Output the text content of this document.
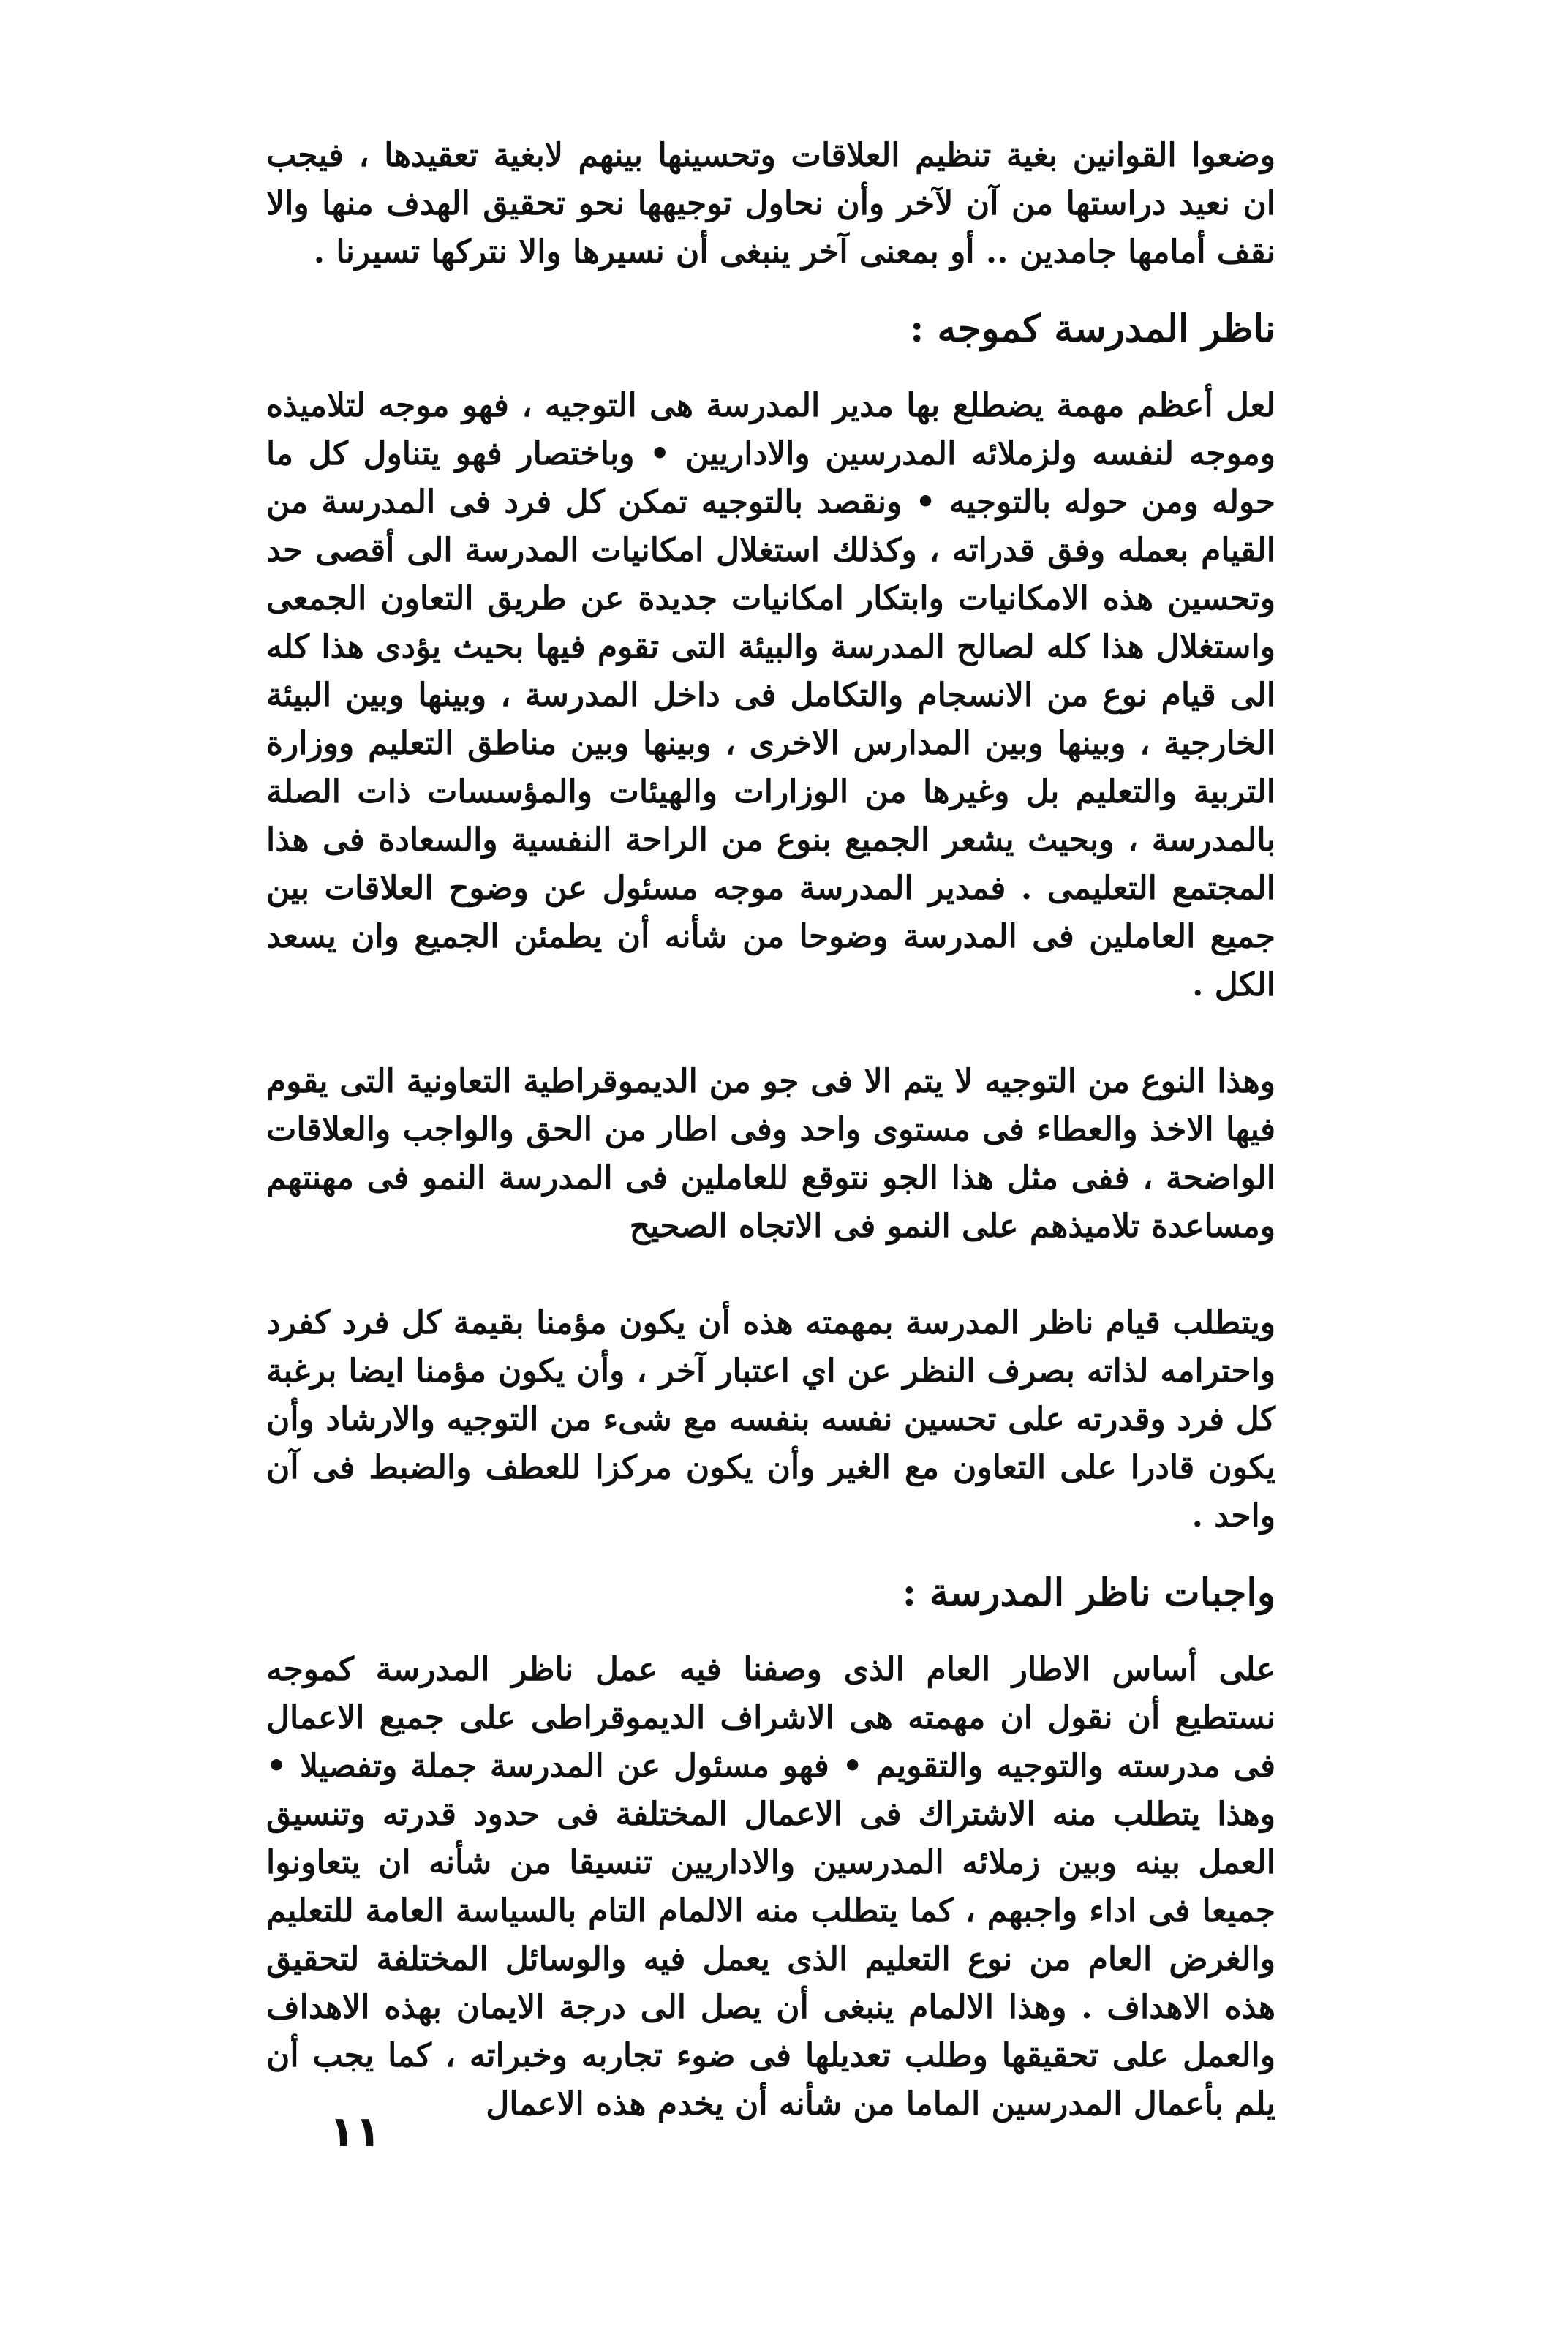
وضعوا القوانين بغية تنظيم العلاقات وتحسينها بينهم لابغية تعقيدها ، فيجب ان نعيد دراستها من آن لآخر وأن نحاول توجيهها نحو تحقيق الهدف منها والا نقف أمامها جامدين .. أو بمعنى آخر ينبغى أن نسيرها والا نتركها تسيرنا .

ناظر المدرسة كموجه :

لعل أعظم مهمة يضطلع بها مدير المدرسة هى التوجيه ، فهو موجه لتلاميذه وموجه لنفسه ولزملائه المدرسين والاداريين • وباختصار فهو يتناول كل ما حوله ومن حوله بالتوجيه • ونقصد بالتوجيه تمكن كل فرد فى المدرسة من القيام بعمله وفق قدراته ، وكذلك استغلال امكانيات المدرسة الى أقصى حد وتحسين هذه الامكانيات وابتكار امكانيات جديدة عن طريق التعاون الجمعى واستغلال هذا كله لصالح المدرسة والبيئة التى تقوم فيها بحيث يؤدى هذا كله الى قيام نوع من الانسجام والتكامل فى داخل المدرسة ، وبينها وبين البيئة الخارجية ، وبينها وبين المدارس الاخرى ، وبينها وبين مناطق التعليم ووزارة التربية والتعليم بل وغيرها من الوزارات والهيئات والمؤسسات ذات الصلة بالمدرسة ، وبحيث يشعر الجميع بنوع من الراحة النفسية والسعادة فى هذا المجتمع التعليمى . فمدير المدرسة موجه مسئول عن وضوح العلاقات بين جميع العاملين فى المدرسة وضوحا من شأنه أن يطمئن الجميع وان يسعد الكل .

وهذا النوع من التوجيه لا يتم الا فى جو من الديموقراطية التعاونية التى يقوم فيها الاخذ والعطاء فى مستوى واحد وفى اطار من الحق والواجب والعلاقات الواضحة ، ففى مثل هذا الجو نتوقع للعاملين فى المدرسة النمو فى مهنتهم ومساعدة تلاميذهم على النمو فى الاتجاه الصحيح

ويتطلب قيام ناظر المدرسة بمهمته هذه أن يكون مؤمنا بقيمة كل فرد كفرد واحترامه لذاته بصرف النظر عن اي اعتبار آخر ، وأن يكون مؤمنا ايضا برغبة كل فرد وقدرته على تحسين نفسه بنفسه مع شىء من التوجيه والارشاد وأن يكون قادرا على التعاون مع الغير وأن يكون مركزا للعطف والضبط فى آن واحد .

واجبات ناظر المدرسة :

على أساس الاطار العام الذى وصفنا فيه عمل ناظر المدرسة كموجه نستطيع أن نقول ان مهمته هى الاشراف الديموقراطى على جميع الاعمال فى مدرسته والتوجيه والتقويم • فهو مسئول عن المدرسة جملة وتفصيلا • وهذا يتطلب منه الاشتراك فى الاعمال المختلفة فى حدود قدرته وتنسيق العمل بينه وبين زملائه المدرسين والاداريين تنسيقا من شأنه ان يتعاونوا جميعا فى اداء واجبهم ، كما يتطلب منه الالمام التام بالسياسة العامة للتعليم والغرض العام من نوع التعليم الذى يعمل فيه والوسائل المختلفة لتحقيق هذه الاهداف . وهذا الالمام ينبغى أن يصل الى درجة الايمان بهذه الاهداف والعمل على تحقيقها وطلب تعديلها فى ضوء تجاربه وخبراته ، كما يجب أن يلم بأعمال المدرسين الماما من شأنه أن يخدم هذه الاعمال

١١
